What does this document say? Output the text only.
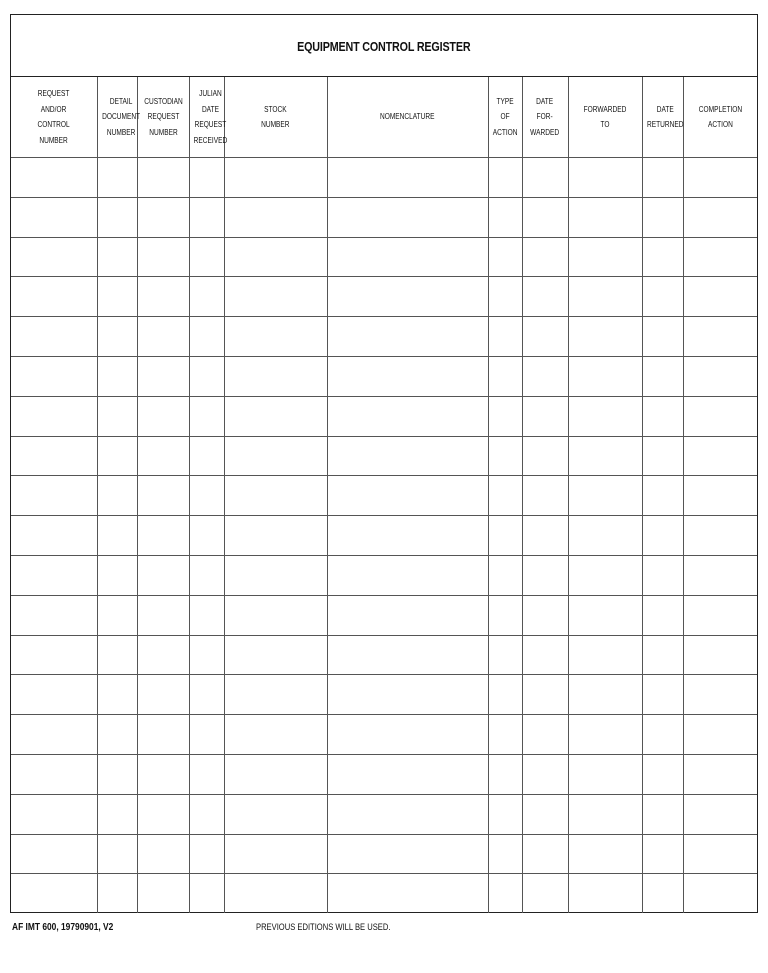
EQUIPMENT CONTROL REGISTER
REQUEST
AND/OR
CONTROL
NUMBER	DETAIL
DOCUMENT
NUMBER	CUSTODIAN
REQUEST
NUMBER	JULIAN
DATE
REQUEST
RECEIVED	STOCK
NUMBER	NOMENCLATURE	TYPE
OF
ACTION	DATE
FOR-
WARDED	FORWARDED
TO	DATE
RETURNED	COMPLETION
ACTION

AF IMT 600, 19790901, V2	PREVIOUS EDITIONS WILL BE USED.
